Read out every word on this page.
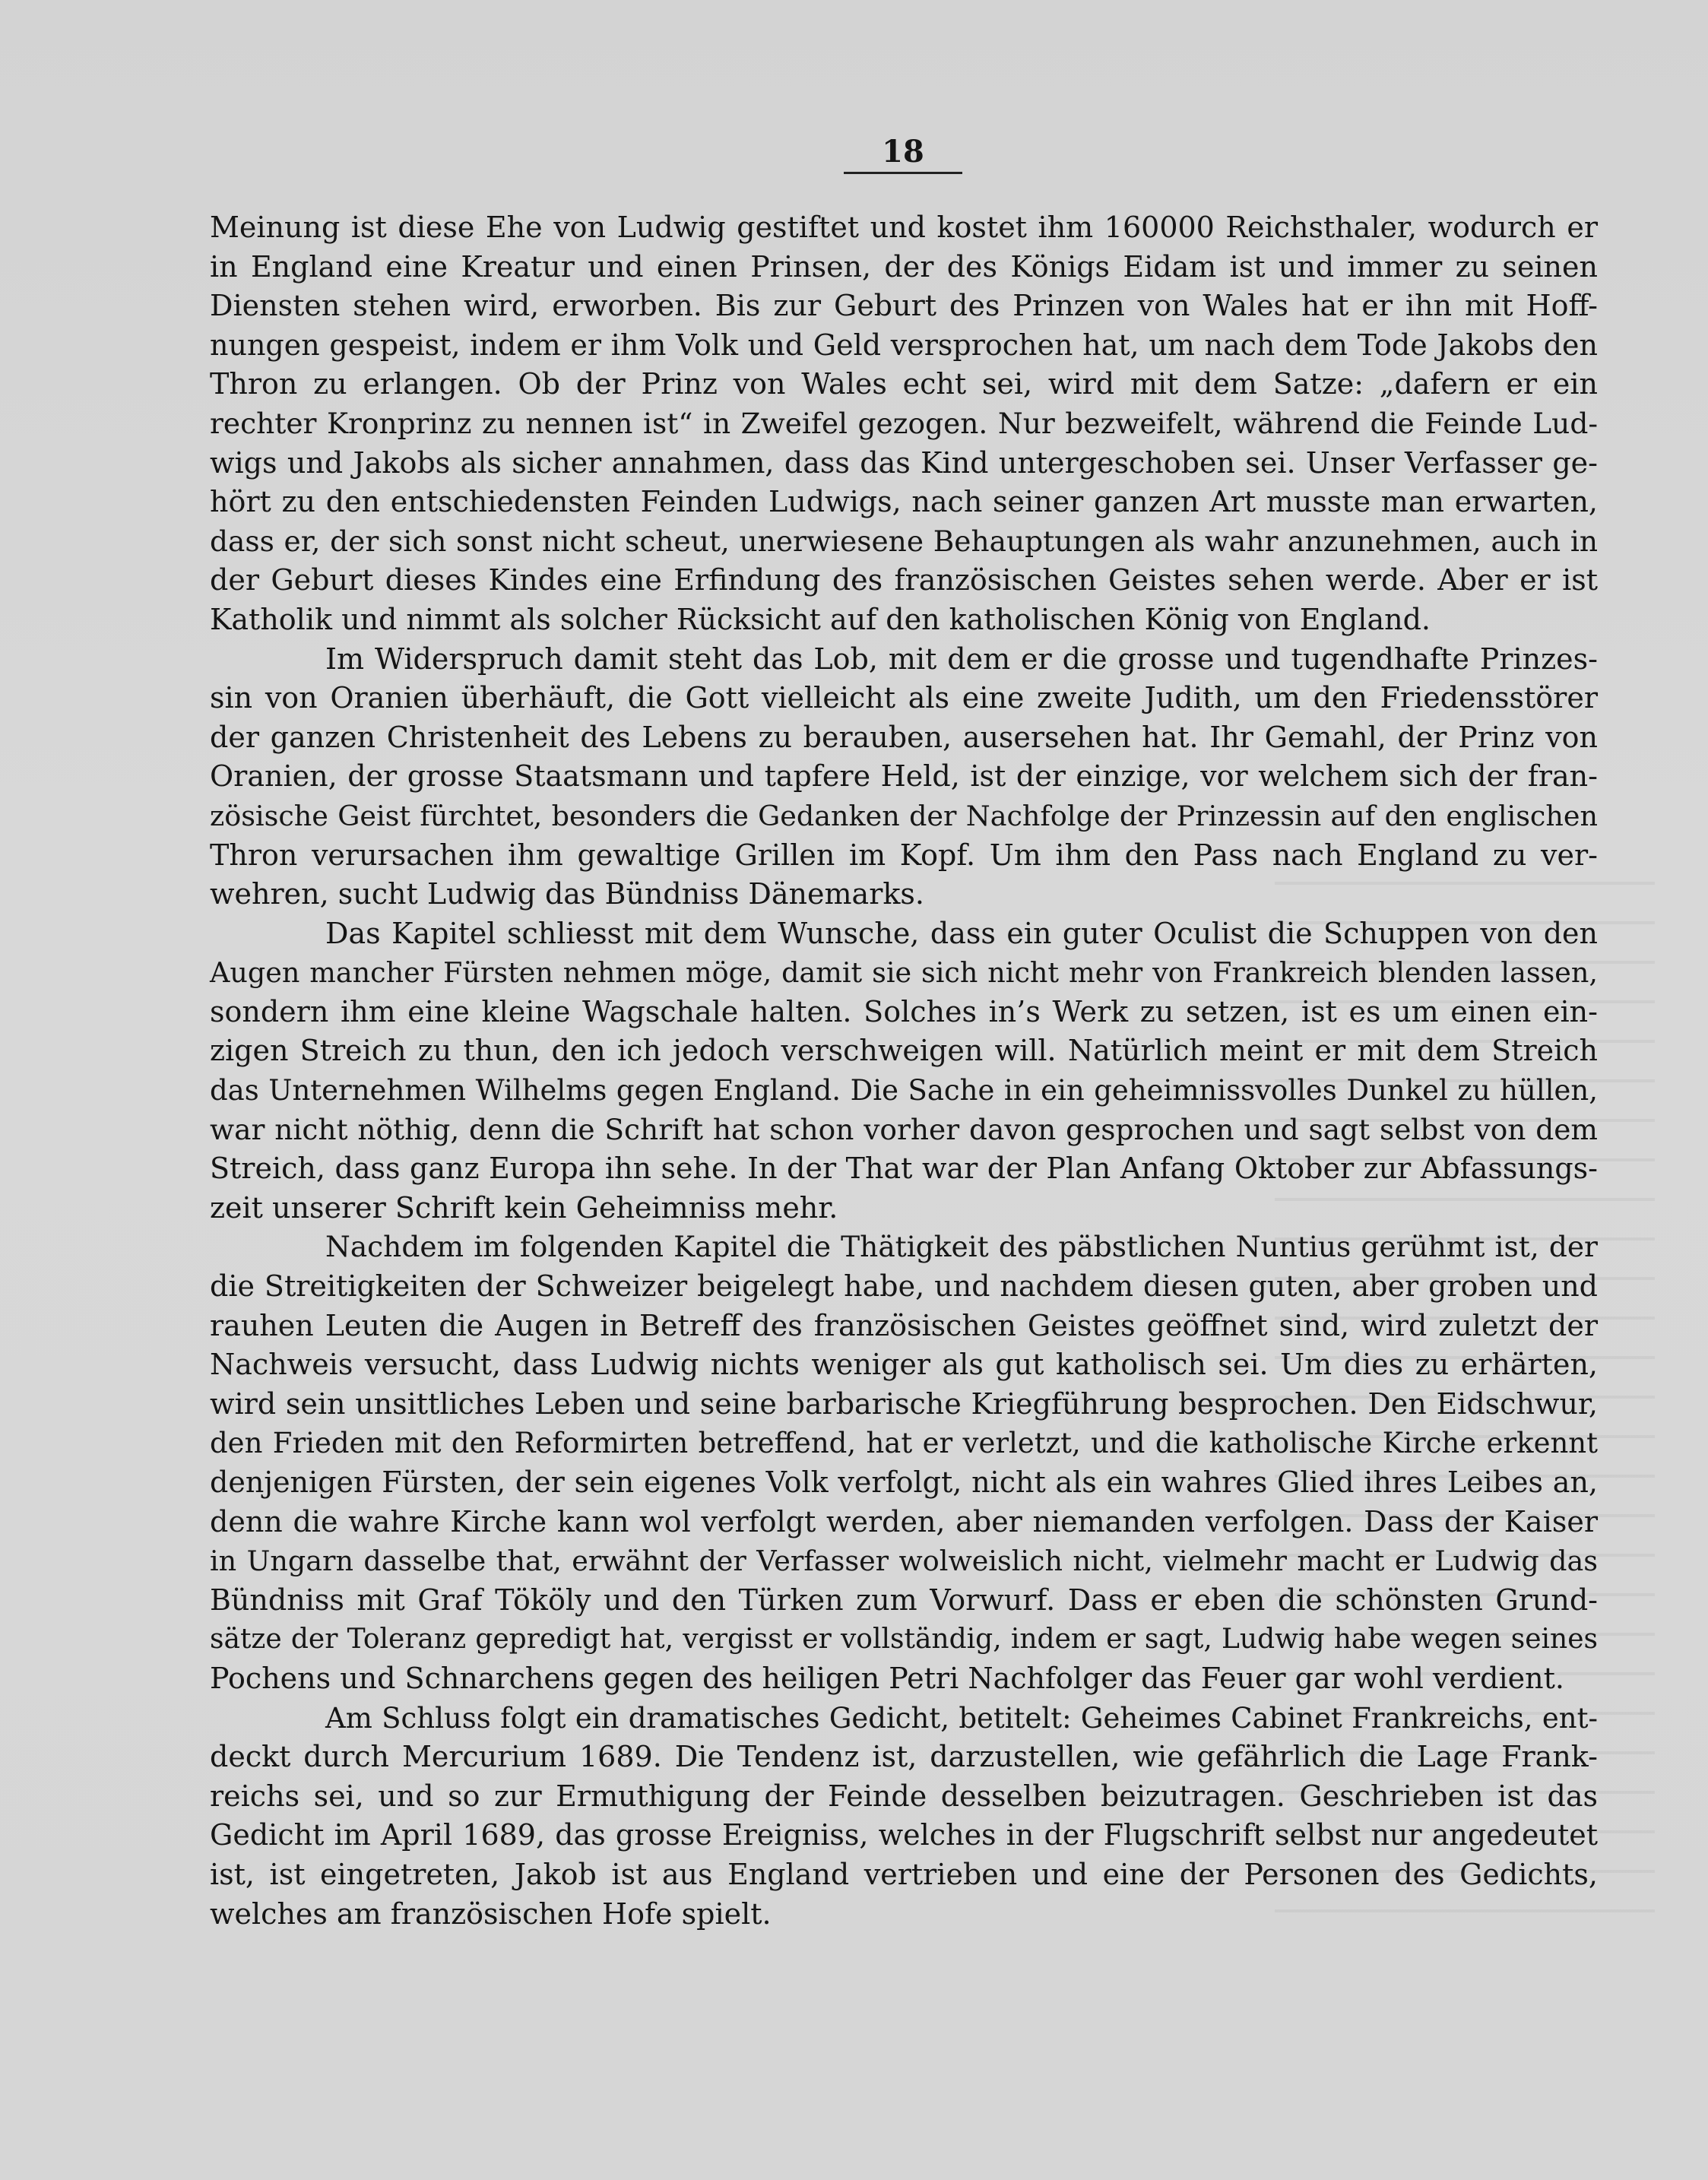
18
Meinung ist diese Ehe von Ludwig gestiftet und kostet ihm 160000 Reichsthaler, wodurch er
in England eine Kreatur und einen Prinsen, der des Königs Eidam ist und immer zu seinen
Diensten stehen wird, erworben. Bis zur Geburt des Prinzen von Wales hat er ihn mit Hoff-
nungen gespeist, indem er ihm Volk und Geld versprochen hat, um nach dem Tode Jakobs den
Thron zu erlangen. Ob der Prinz von Wales echt sei, wird mit dem Satze: „dafern er ein
rechter Kronprinz zu nennen ist“ in Zweifel gezogen. Nur bezweifelt, während die Feinde Lud-
wigs und Jakobs als sicher annahmen, dass das Kind untergeschoben sei. Unser Verfasser ge-
hört zu den entschiedensten Feinden Ludwigs, nach seiner ganzen Art musste man erwarten,
dass er, der sich sonst nicht scheut, unerwiesene Behauptungen als wahr anzunehmen, auch in
der Geburt dieses Kindes eine Erfindung des französischen Geistes sehen werde. Aber er ist
Katholik und nimmt als solcher Rücksicht auf den katholischen König von England.
Im Widerspruch damit steht das Lob, mit dem er die grosse und tugendhafte Prinzes-
sin von Oranien überhäuft, die Gott vielleicht als eine zweite Judith, um den Friedensstörer
der ganzen Christenheit des Lebens zu berauben, ausersehen hat. Ihr Gemahl, der Prinz von
Oranien, der grosse Staatsmann und tapfere Held, ist der einzige, vor welchem sich der fran-
zösische Geist fürchtet, besonders die Gedanken der Nachfolge der Prinzessin auf den englischen
Thron verursachen ihm gewaltige Grillen im Kopf. Um ihm den Pass nach England zu ver-
wehren, sucht Ludwig das Bündniss Dänemarks.
Das Kapitel schliesst mit dem Wunsche, dass ein guter Oculist die Schuppen von den
Augen mancher Fürsten nehmen möge, damit sie sich nicht mehr von Frankreich blenden lassen,
sondern ihm eine kleine Wagschale halten. Solches in’s Werk zu setzen, ist es um einen ein-
zigen Streich zu thun, den ich jedoch verschweigen will. Natürlich meint er mit dem Streich
das Unternehmen Wilhelms gegen England. Die Sache in ein geheimnissvolles Dunkel zu hüllen,
war nicht nöthig, denn die Schrift hat schon vorher davon gesprochen und sagt selbst von dem
Streich, dass ganz Europa ihn sehe. In der That war der Plan Anfang Oktober zur Abfassungs-
zeit unserer Schrift kein Geheimniss mehr.
Nachdem im folgenden Kapitel die Thätigkeit des päbstlichen Nuntius gerühmt ist, der
die Streitigkeiten der Schweizer beigelegt habe, und nachdem diesen guten, aber groben und
rauhen Leuten die Augen in Betreff des französischen Geistes geöffnet sind, wird zuletzt der
Nachweis versucht, dass Ludwig nichts weniger als gut katholisch sei. Um dies zu erhärten,
wird sein unsittliches Leben und seine barbarische Kriegführung besprochen. Den Eidschwur,
den Frieden mit den Reformirten betreffend, hat er verletzt, und die katholische Kirche erkennt
denjenigen Fürsten, der sein eigenes Volk verfolgt, nicht als ein wahres Glied ihres Leibes an,
denn die wahre Kirche kann wol verfolgt werden, aber niemanden verfolgen. Dass der Kaiser
in Ungarn dasselbe that, erwähnt der Verfasser wolweislich nicht, vielmehr macht er Ludwig das
Bündniss mit Graf Tököly und den Türken zum Vorwurf. Dass er eben die schönsten Grund-
sätze der Toleranz gepredigt hat, vergisst er vollständig, indem er sagt, Ludwig habe wegen seines
Pochens und Schnarchens gegen des heiligen Petri Nachfolger das Feuer gar wohl verdient.
Am Schluss folgt ein dramatisches Gedicht, betitelt: Geheimes Cabinet Frankreichs, ent-
deckt durch Mercurium 1689. Die Tendenz ist, darzustellen, wie gefährlich die Lage Frank-
reichs sei, und so zur Ermuthigung der Feinde desselben beizutragen. Geschrieben ist das
Gedicht im April 1689, das grosse Ereigniss, welches in der Flugschrift selbst nur angedeutet
ist, ist eingetreten, Jakob ist aus England vertrieben und eine der Personen des Gedichts,
welches am französischen Hofe spielt.
